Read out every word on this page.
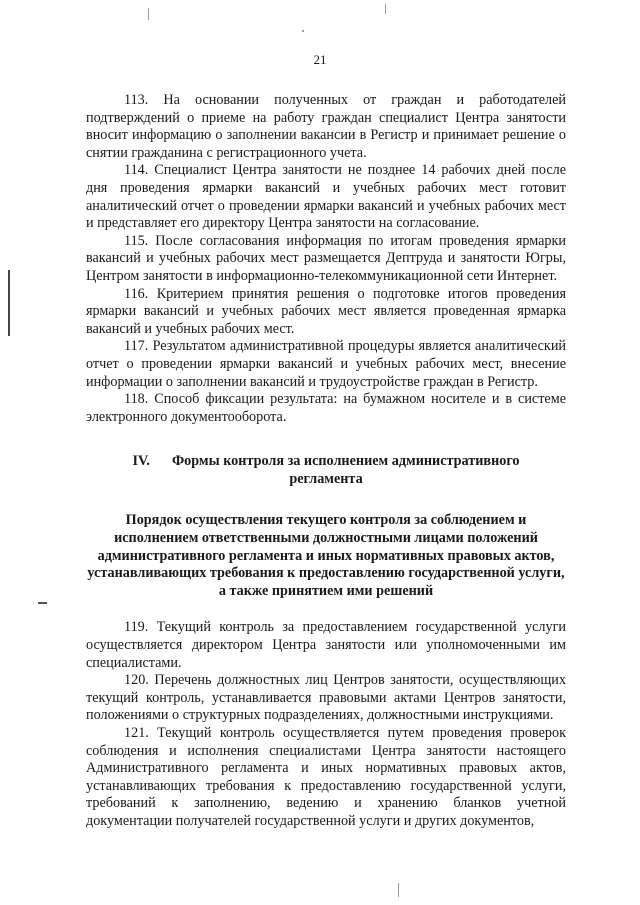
21

113. На основании полученных от граждан и работодателей подтверждений о приеме на работу граждан специалист Центра занятости вносит информацию о заполнении вакансии в Регистр и принимает решение о снятии гражданина с регистрационного учета.

114. Специалист Центра занятости не позднее 14 рабочих дней после дня проведения ярмарки вакансий и учебных рабочих мест готовит аналитический отчет о проведении ярмарки вакансий и учебных рабочих мест и представляет его директору Центра занятости на согласование.

115. После согласования информация по итогам проведения ярмарки вакансий и учебных рабочих мест размещается Дептруда и занятости Югры, Центром занятости в информационно-телекоммуникационной сети Интернет.

116. Критерием принятия решения о подготовке итогов проведения ярмарки вакансий и учебных рабочих мест является проведенная ярмарка вакансий и учебных рабочих мест.

117. Результатом административной процедуры является аналитический отчет о проведении ярмарки вакансий и учебных рабочих мест, внесение информации о заполнении вакансий и трудоустройстве граждан в Регистр.

118. Способ фиксации результата: на бумажном носителе и в системе электронного документооборота.

IV. Формы контроля за исполнением административного регламента
Порядок осуществления текущего контроля за соблюдением и исполнением ответственными должностными лицами положений административного регламента и иных нормативных правовых актов, устанавливающих требования к предоставлению государственной услуги, а также принятием ими решений

119. Текущий контроль за предоставлением государственной услуги осуществляется директором Центра занятости или уполномоченными им специалистами.

120. Перечень должностных лиц Центров занятости, осуществляющих текущий контроль, устанавливается правовыми актами Центров занятости, положениями о структурных подразделениях, должностными инструкциями.

121. Текущий контроль осуществляется путем проведения проверок соблюдения и исполнения специалистами Центра занятости настоящего Административного регламента и иных нормативных правовых актов, устанавливающих требования к предоставлению государственной услуги, требований к заполнению, ведению и хранению бланков учетной документации получателей государственной услуги и других документов,
